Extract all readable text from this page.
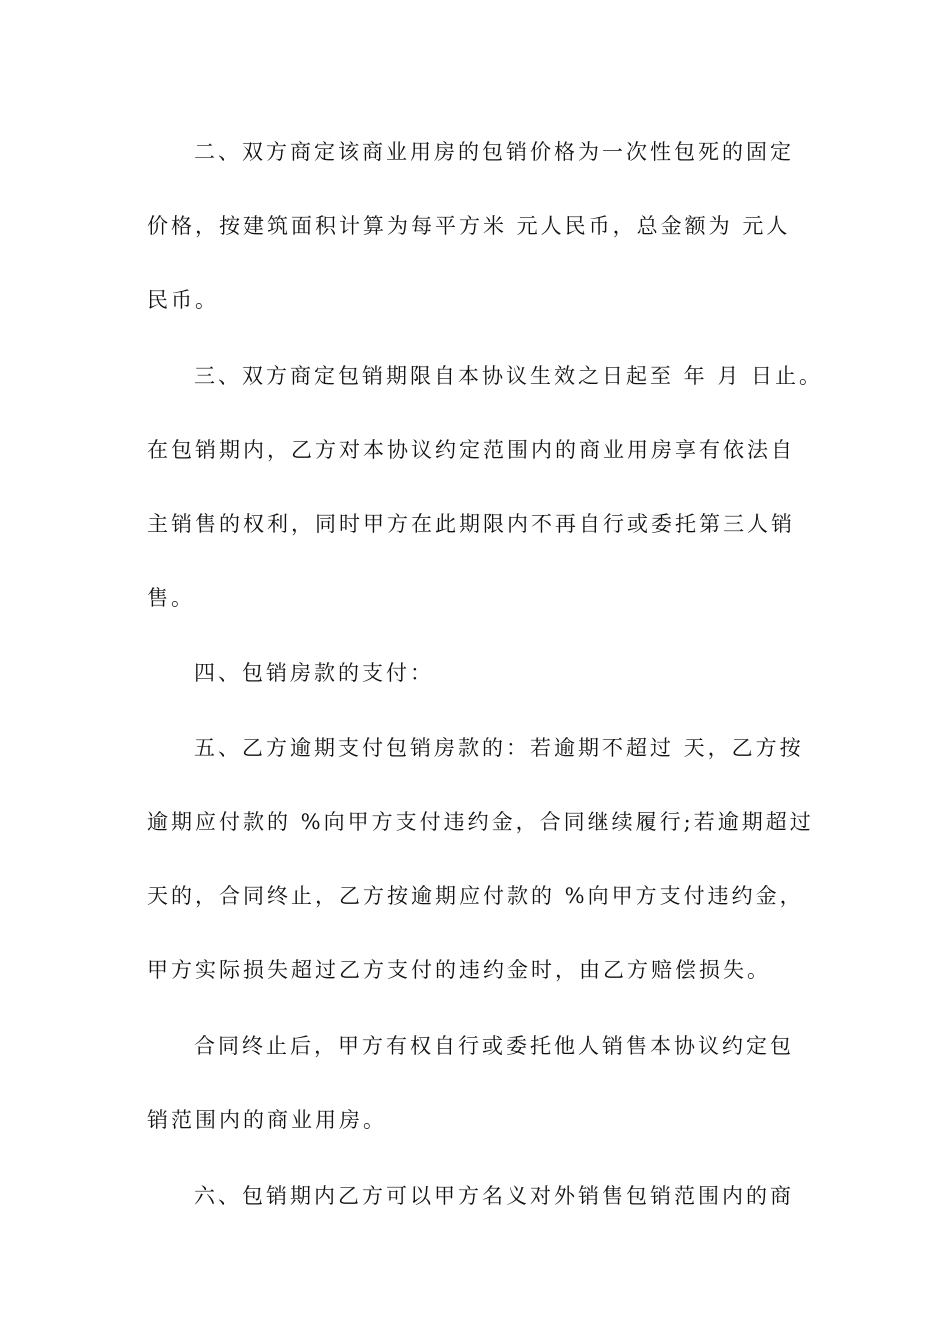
二、双方商定该商业用房的包销价格为一次性包死的固定
价格，按建筑面积计算为每平方米 元人民币，总金额为 元人
民币。
三、双方商定包销期限自本协议生效之日起至 年 月 日止。
在包销期内，乙方对本协议约定范围内的商业用房享有依法自
主销售的权利，同时甲方在此期限内不再自行或委托第三人销
售。
四、包销房款的支付：
五、乙方逾期支付包销房款的：若逾期不超过 天，乙方按
逾期应付款的 %向甲方支付违约金，合同继续履行;若逾期超过
天的，合同终止，乙方按逾期应付款的 %向甲方支付违约金，
甲方实际损失超过乙方支付的违约金时，由乙方赔偿损失。
合同终止后，甲方有权自行或委托他人销售本协议约定包
销范围内的商业用房。
六、包销期内乙方可以甲方名义对外销售包销范围内的商
